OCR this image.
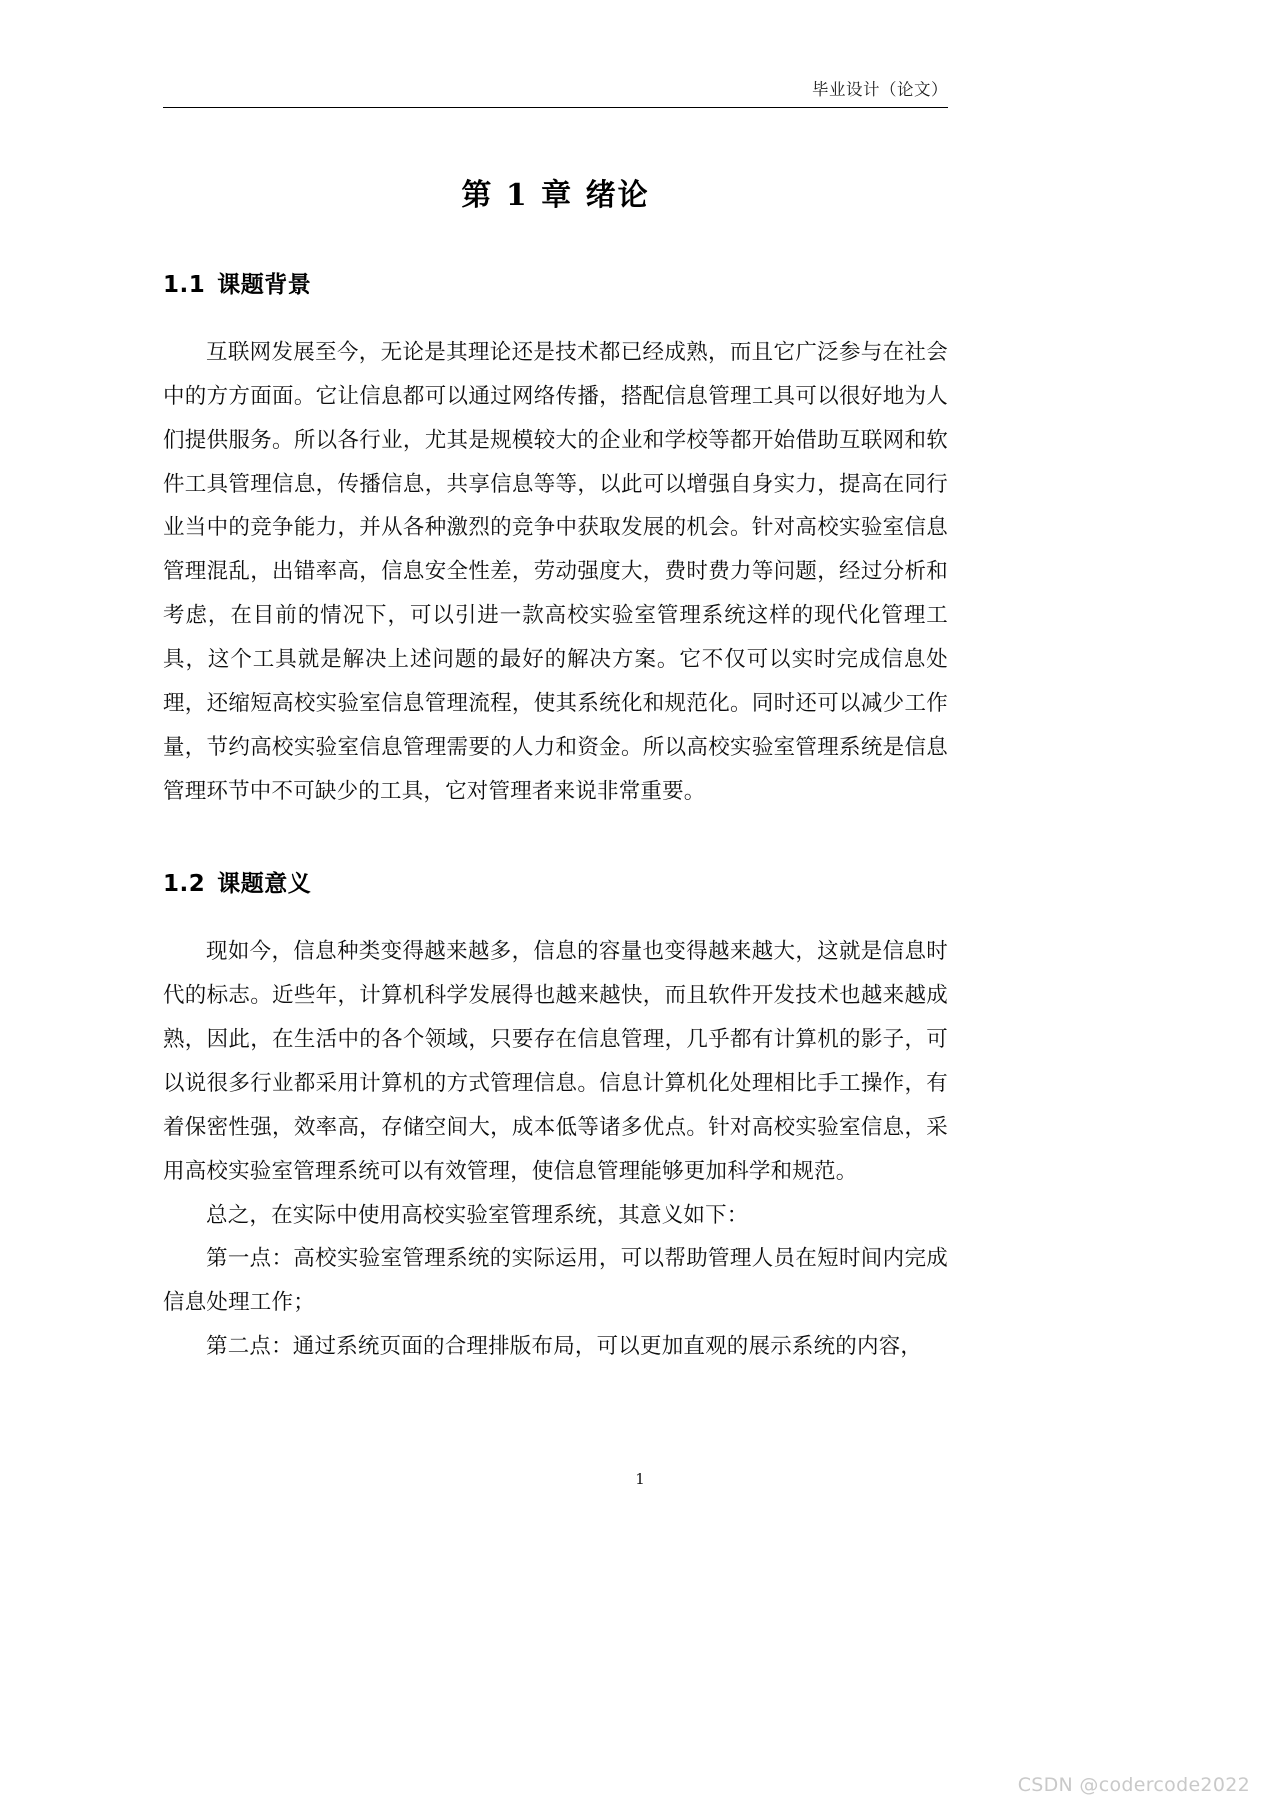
毕业设计（论文）
第 1 章 绪论
1.1 课题背景

互联网发展至今，无论是其理论还是技术都已经成熟，而且它广泛参与在社会中的方方面面。它让信息都可以通过网络传播，搭配信息管理工具可以很好地为人们提供服务。所以各行业，尤其是规模较大的企业和学校等都开始借助互联网和软件工具管理信息，传播信息，共享信息等等，以此可以增强自身实力，提高在同行业当中的竞争能力，并从各种激烈的竞争中获取发展的机会。针对高校实验室信息管理混乱，出错率高，信息安全性差，劳动强度大，费时费力等问题，经过分析和考虑，在目前的情况下，可以引进一款高校实验室管理系统这样的现代化管理工具，这个工具就是解决上述问题的最好的解决方案。它不仅可以实时完成信息处理，还缩短高校实验室信息管理流程，使其系统化和规范化。同时还可以减少工作量，节约高校实验室信息管理需要的人力和资金。所以高校实验室管理系统是信息管理环节中不可缺少的工具，它对管理者来说非常重要。

1.2 课题意义

现如今，信息种类变得越来越多，信息的容量也变得越来越大，这就是信息时代的标志。近些年，计算机科学发展得也越来越快，而且软件开发技术也越来越成熟，因此，在生活中的各个领域，只要存在信息管理，几乎都有计算机的影子，可以说很多行业都采用计算机的方式管理信息。信息计算机化处理相比手工操作，有着保密性强，效率高，存储空间大，成本低等诸多优点。针对高校实验室信息，采用高校实验室管理系统可以有效管理，使信息管理能够更加科学和规范。

总之，在实际中使用高校实验室管理系统，其意义如下：

第一点：高校实验室管理系统的实际运用，可以帮助管理人员在短时间内完成信息处理工作；

第二点：通过系统页面的合理排版布局，可以更加直观的展示系统的内容，

1
CSDN @codercode2022
